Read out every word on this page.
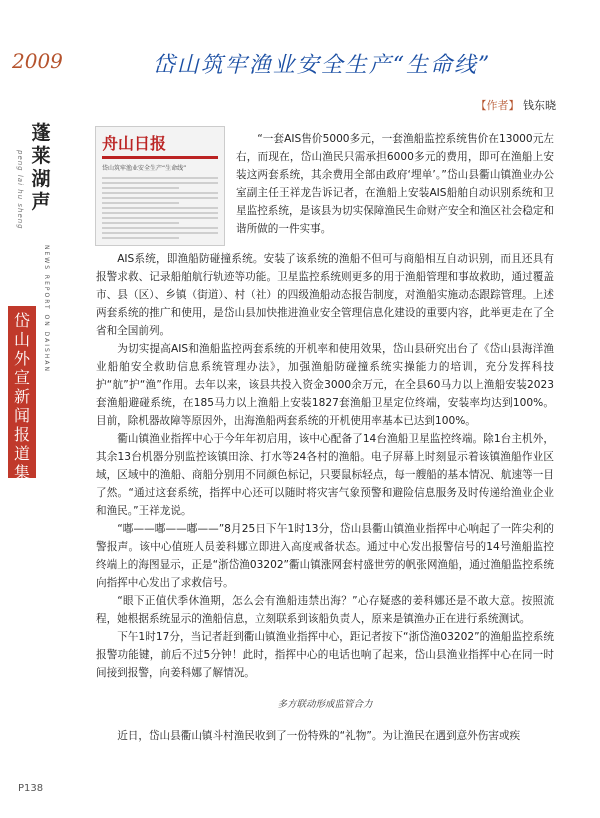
2009
蓬莱湖声
peng lai hu sheng
NEWS REPORT ON DAISHAN
岱山外宣新闻报道集
岱山筑牢渔业安全生产“生命线”
【作者】 钱东晓
舟山日报
岱山筑牢渔业安全生产“生命线”

“一套AIS售价5000多元，一套渔船监控系统售价在13000元左右，而现在，岱山渔民只需承担6000多元的费用，即可在渔船上安装这两套系统，其余费用全部由政府‘埋单’。”岱山县衢山镇渔业办公室副主任王祥龙告诉记者，在渔船上安装AIS船舶自动识别系统和卫星监控系统，是该县为切实保障渔民生命财产安全和渔区社会稳定和谐所做的一件实事。

AIS系统，即渔船防碰撞系统。安装了该系统的渔船不但可与商船相互自动识别，而且还具有报警求救、记录船舶航行轨迹等功能。卫星监控系统则更多的用于渔船管理和事故救助，通过覆盖市、县（区）、乡镇（街道）、村（社）的四级渔船动态报告制度，对渔船实施动态跟踪管理。上述两套系统的推广和使用，是岱山县加快推进渔业安全管理信息化建设的重要内容，此举更走在了全省和全国前列。

为切实提高AIS和渔船监控两套系统的开机率和使用效果，岱山县研究出台了《岱山县海洋渔业船舶安全救助信息系统管理办法》，加强渔船防碰撞系统实操能力的培训，充分发挥科技护“航”护“渔”作用。去年以来，该县共投入资金3000余万元，在全县60马力以上渔船安装2023套渔船避碰系统，在185马力以上渔船上安装1827套渔船卫星定位终端，安装率均达到100%。目前，除机器故障等原因外，出海渔船两套系统的开机使用率基本已达到100%。

衢山镇渔业指挥中心于今年年初启用，该中心配备了14台渔船卫星监控终端。除1台主机外，其余13台机器分别监控该镇田涂、打水等24各村的渔船。电子屏幕上时刻显示着该镇渔船作业区域，区域中的渔船、商船分别用不同颜色标记，只要鼠标轻点，每一艘船的基本情况、航速等一目了然。“通过这套系统，指挥中心还可以随时将灾害气象预警和避险信息服务及时传递给渔业企业和渔民。”王祥龙说。

“嘟——嘟——嘟——”8月25日下午1时13分，岱山县衢山镇渔业指挥中心响起了一阵尖利的警报声。该中心值班人员姜科娜立即进入高度戒备状态。通过中心发出报警信号的14号渔船监控终端上的海图显示，正是“浙岱渔03202”衢山镇涨网套村盛世劳的帆张网渔船，通过渔船监控系统向指挥中心发出了求救信号。

“眼下正值伏季休渔期，怎么会有渔船违禁出海？”心存疑惑的姜科娜还是不敢大意。按照流程，她根据系统显示的渔船信息，立刻联系到该船负责人，原来是镇渔办正在进行系统测试。

下午1时17分，当记者赶到衢山镇渔业指挥中心，距记者按下“浙岱渔03202”的渔船监控系统报警功能键，前后不过5分钟！此时，指挥中心的电话也响了起来，岱山县渔业指挥中心在同一时间接到报警，向姜科娜了解情况。

多方联动形成监管合力

近日，岱山县衢山镇斗村渔民收到了一份特殊的“礼物”。为让渔民在遇到意外伤害或疾

P138
